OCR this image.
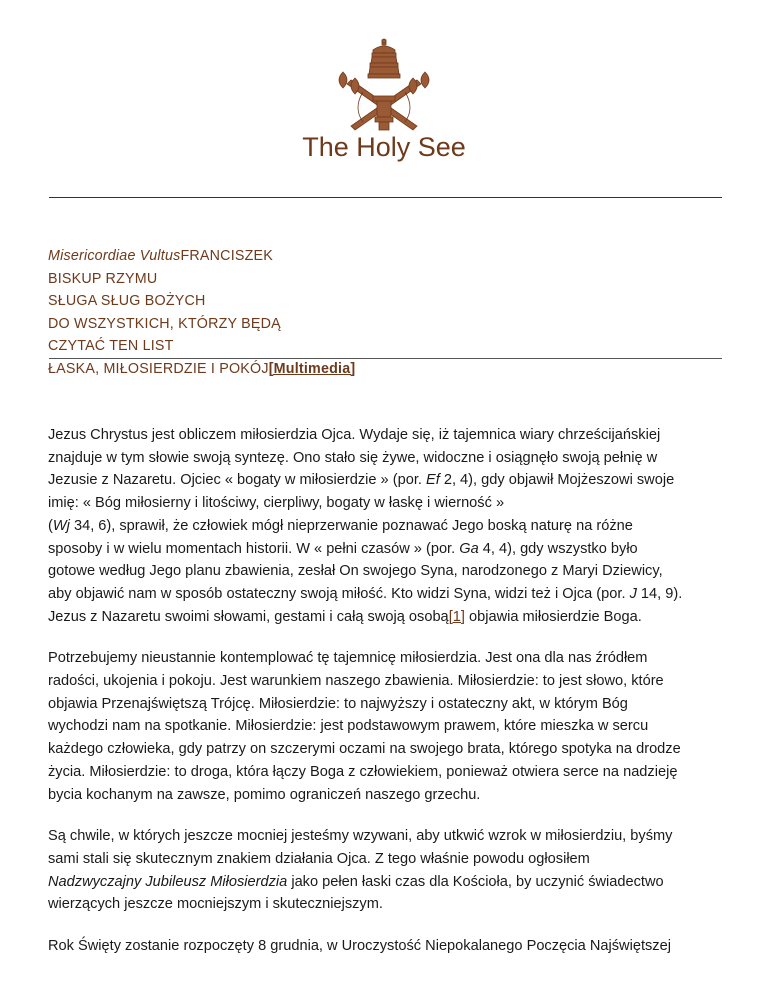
The Holy See
Misericordiae VultusFRANCISZEK
BISKUP RZYMU
SŁUGA SŁUG BOŻYCH
DO WSZYSTKICH, KTÓRZY BĘDĄ
CZYTAĆ TEN LIST
ŁASKA, MIŁOSIERDZIE I POKÓJ[Multimedia]

Jezus Chrystus jest obliczem miłosierdzia Ojca. Wydaje się, iż tajemnica wiary chrześcijańskiej
znajduje w tym słowie swoją syntezę. Ono stało się żywe, widoczne i osiągnęło swoją pełnię w
Jezusie z Nazaretu. Ojciec « bogaty w miłosierdzie » (por. Ef 2, 4), gdy objawił Mojżeszowi swoje
imię: « Bóg miłosierny i litościwy, cierpliwy, bogaty w łaskę i wierność »
(Wj 34, 6), sprawił, że człowiek mógł nieprzerwanie poznawać Jego boską naturę na różne
sposoby i w wielu momentach historii. W « pełni czasów » (por. Ga 4, 4), gdy wszystko było
gotowe według Jego planu zbawienia, zesłał On swojego Syna, narodzonego z Maryi Dziewicy,
aby objawić nam w sposób ostateczny swoją miłość. Kto widzi Syna, widzi też i Ojca (por. J 14, 9).
Jezus z Nazaretu swoimi słowami, gestami i całą swoją osobą[1] objawia miłosierdzie Boga.

Potrzebujemy nieustannie kontemplować tę tajemnicę miłosierdzia. Jest ona dla nas źródłem
radości, ukojenia i pokoju. Jest warunkiem naszego zbawienia. Miłosierdzie: to jest słowo, które
objawia Przenajświętszą Trójcę. Miłosierdzie: to najwyższy i ostateczny akt, w którym Bóg
wychodzi nam na spotkanie. Miłosierdzie: jest podstawowym prawem, które mieszka w sercu
każdego człowieka, gdy patrzy on szczerymi oczami na swojego brata, którego spotyka na drodze
życia. Miłosierdzie: to droga, która łączy Boga z człowiekiem, ponieważ otwiera serce na nadzieję
bycia kochanym na zawsze, pomimo ograniczeń naszego grzechu.

Są chwile, w których jeszcze mocniej jesteśmy wzywani, aby utkwić wzrok w miłosierdziu, byśmy
sami stali się skutecznym znakiem działania Ojca. Z tego właśnie powodu ogłosiłem
Nadzwyczajny Jubileusz Miłosierdzia jako pełen łaski czas dla Kościoła, by uczynić świadectwo
wierzących jeszcze mocniejszym i skuteczniejszym.

Rok Święty zostanie rozpoczęty 8 grudnia, w Uroczystość Niepokalanego Poczęcia Najświętszej
